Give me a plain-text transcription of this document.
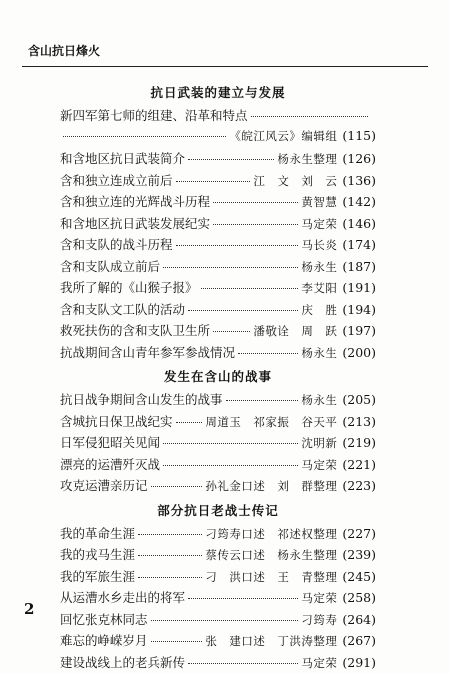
含山抗日烽火
抗日武装的建立与发展
新四军第七师的组建、沿革和特点
《皖江风云》编辑组 (115)
和含地区抗日武装简介	杨永生整理 (126)
含和独立连成立前后	江　文　刘　云 (136)
含和独立连的光辉战斗历程	黄智慧 (142)
和含地区抗日武装发展纪实	马定荣 (146)
含和支队的战斗历程	马长炎 (174)
含和支队成立前后	杨永生 (187)
我所了解的《山猴子报》	李艾阳 (191)
含和支队文工队的活动	庆　胜 (194)
救死扶伤的含和支队卫生所	潘敬诠　周　跃 (197)
抗战期间含山青年参军参战情况	杨永生 (200)
发生在含山的战事
抗日战争期间含山发生的战事	杨永生 (205)
含城抗日保卫战纪实	周道玉　祁家振　谷天平 (213)
日军侵犯昭关见闻	沈明新 (219)
漂亮的运漕歼灭战	马定荣 (221)
攻克运漕亲历记	孙礼金口述　刘　群整理 (223)
部分抗日老战士传记
我的革命生涯	刁筠寿口述　祁述权整理 (227)
我的戎马生涯	蔡传云口述　杨永生整理 (239)
我的军旅生涯	刁　洪口述　王　青整理 (245)
从运漕水乡走出的将军	马定荣 (258)
回忆张克林同志	刁筠寿 (264)
难忘的峥嵘岁月	张　建口述　丁洪涛整理 (267)
建设战线上的老兵新传	马定荣 (291)
2
